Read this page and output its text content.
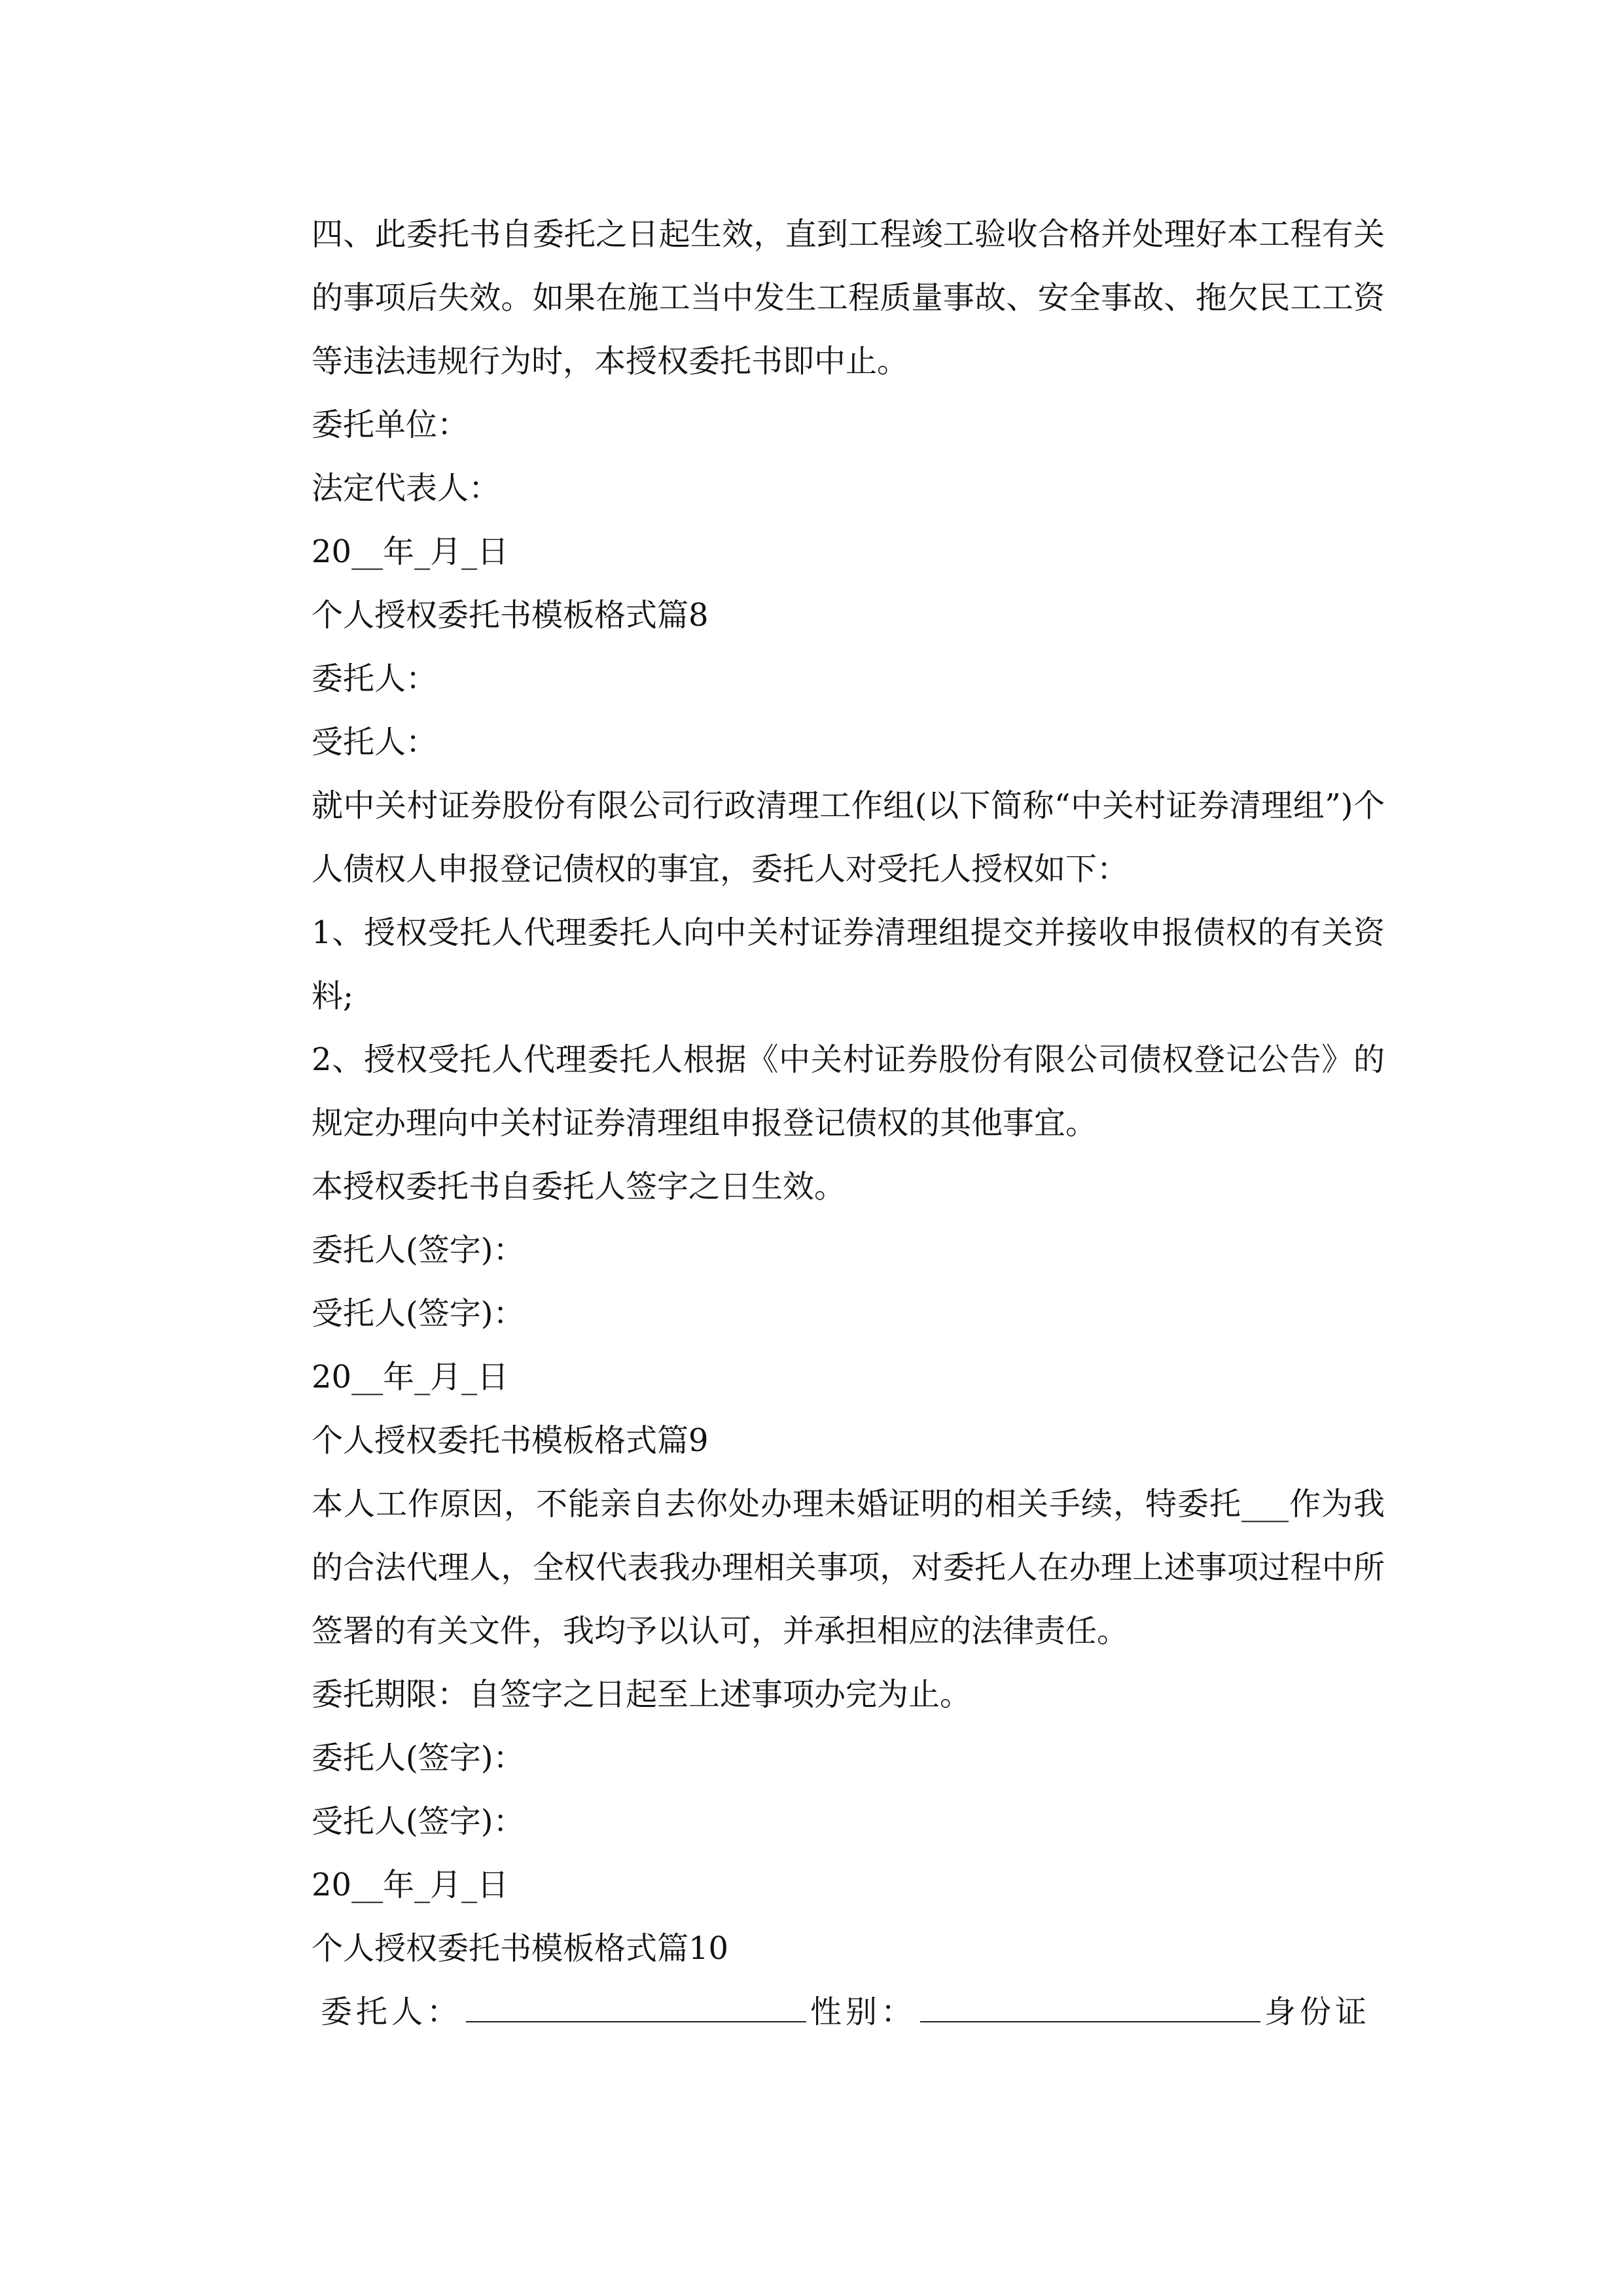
四、此委托书自委托之日起生效，直到工程竣工验收合格并处理好本工程有关的事项后失效。如果在施工当中发生工程质量事故、安全事故、拖欠民工工资等违法违规行为时，本授权委托书即中止。

委托单位：

法定代表人：

20__年_月_日

个人授权委托书模板格式篇8

委托人：

受托人：

就中关村证券股份有限公司行政清理工作组(以下简称“中关村证券清理组”)个人债权人申报登记债权的事宜，委托人对受托人授权如下：

1、授权受托人代理委托人向中关村证券清理组提交并接收申报债权的有关资料;

2、授权受托人代理委托人根据《中关村证券股份有限公司债权登记公告》的规定办理向中关村证券清理组申报登记债权的其他事宜。

本授权委托书自委托人签字之日生效。

委托人(签字)：

受托人(签字)：

20__年_月_日

个人授权委托书模板格式篇9

本人工作原因，不能亲自去你处办理未婚证明的相关手续，特委托___作为我的合法代理人，全权代表我办理相关事项，对委托人在办理上述事项过程中所签署的有关文件，我均予以认可，并承担相应的法律责任。

委托期限：自签字之日起至上述事项办完为止。

委托人(签字)：

受托人(签字)：

20__年_月_日

个人授权委托书模板格式篇10

委托人：	性别：	身份证
